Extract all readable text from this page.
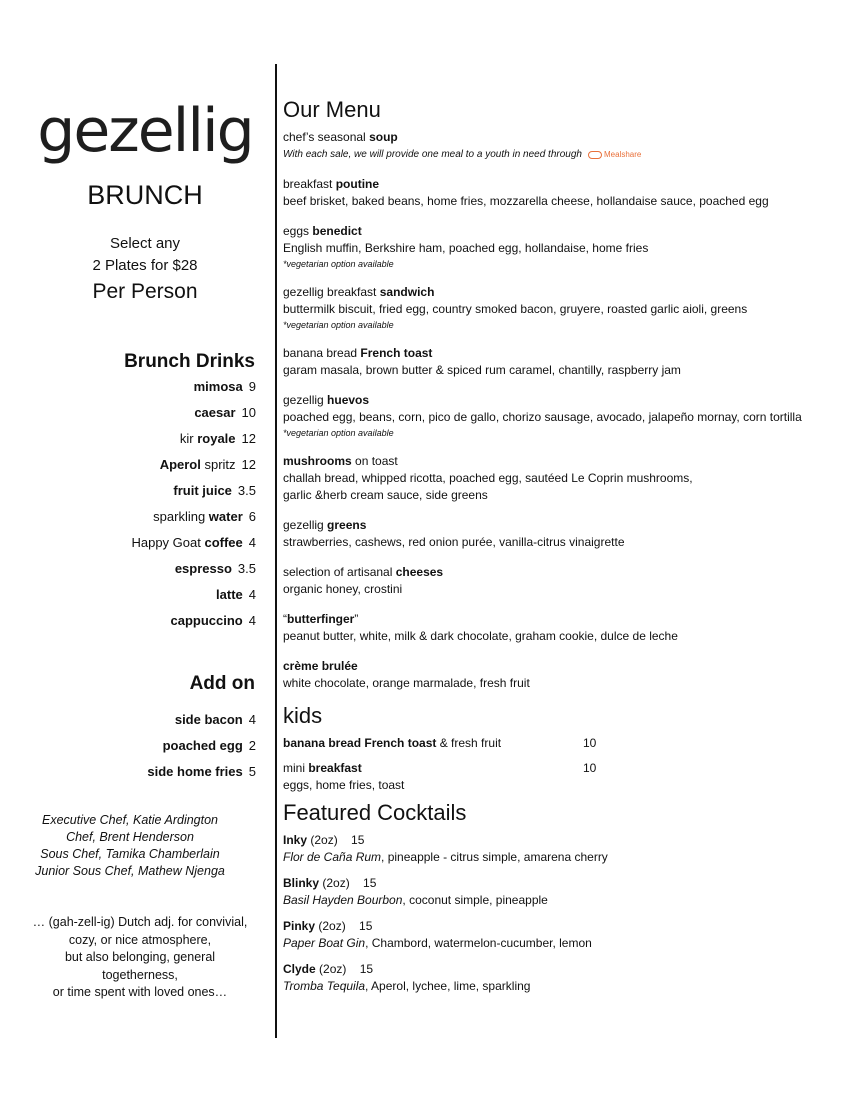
gezellig
BRUNCH
Select any
2 Plates for $28
Per Person
Brunch Drinks
mimosa 9
caesar 10
kir royale 12
Aperol spritz 12
fruit juice 3.5
sparkling water 6
Happy Goat coffee 4
espresso 3.5
latte 4
cappuccino 4
Add on
side bacon 4
poached egg 2
side home fries 5
Executive Chef, Katie Ardington
Chef, Brent Henderson
Sous Chef, Tamika Chamberlain
Junior Sous Chef, Mathew Njenga
… (gah-zell-ig) Dutch adj. for convivial,
cozy, or nice atmosphere,
but also belonging, general
togetherness,
or time spent with loved ones…
Our Menu
chef’s seasonal soup
With each sale, we will provide one meal to a youth in need through	Mealshare
breakfast poutine
beef brisket, baked beans, home fries, mozzarella cheese, hollandaise sauce, poached egg
eggs benedict
English muffin, Berkshire ham, poached egg, hollandaise, home fries
*vegetarian option available
gezellig breakfast sandwich
buttermilk biscuit, fried egg, country smoked bacon, gruyere, roasted garlic aioli, greens
*vegetarian option available
banana bread French toast
garam masala, brown butter & spiced rum caramel, chantilly, raspberry jam
gezellig huevos
poached egg, beans, corn, pico de gallo, chorizo sausage, avocado, jalapeño mornay, corn tortilla
*vegetarian option available
mushrooms on toast
challah bread, whipped ricotta, poached egg, sautéed Le Coprin mushrooms,
garlic &herb cream sauce, side greens
gezellig greens
strawberries, cashews, red onion purée, vanilla-citrus vinaigrette
selection of artisanal cheeses
organic honey, crostini
“butterfinger”
peanut butter, white, milk & dark chocolate, graham cookie, dulce de leche
crème brulée
white chocolate, orange marmalade, fresh fruit
kids
banana bread French toast & fresh fruit	10
mini breakfast	10
eggs, home fries, toast
Featured Cocktails
Inky (2oz)    15
Flor de Caña Rum, pineapple - citrus simple, amarena cherry
Blinky (2oz)    15
Basil Hayden Bourbon, coconut simple, pineapple
Pinky (2oz)    15
Paper Boat Gin, Chambord, watermelon-cucumber, lemon
Clyde (2oz)    15
Tromba Tequila, Aperol, lychee, lime, sparkling
